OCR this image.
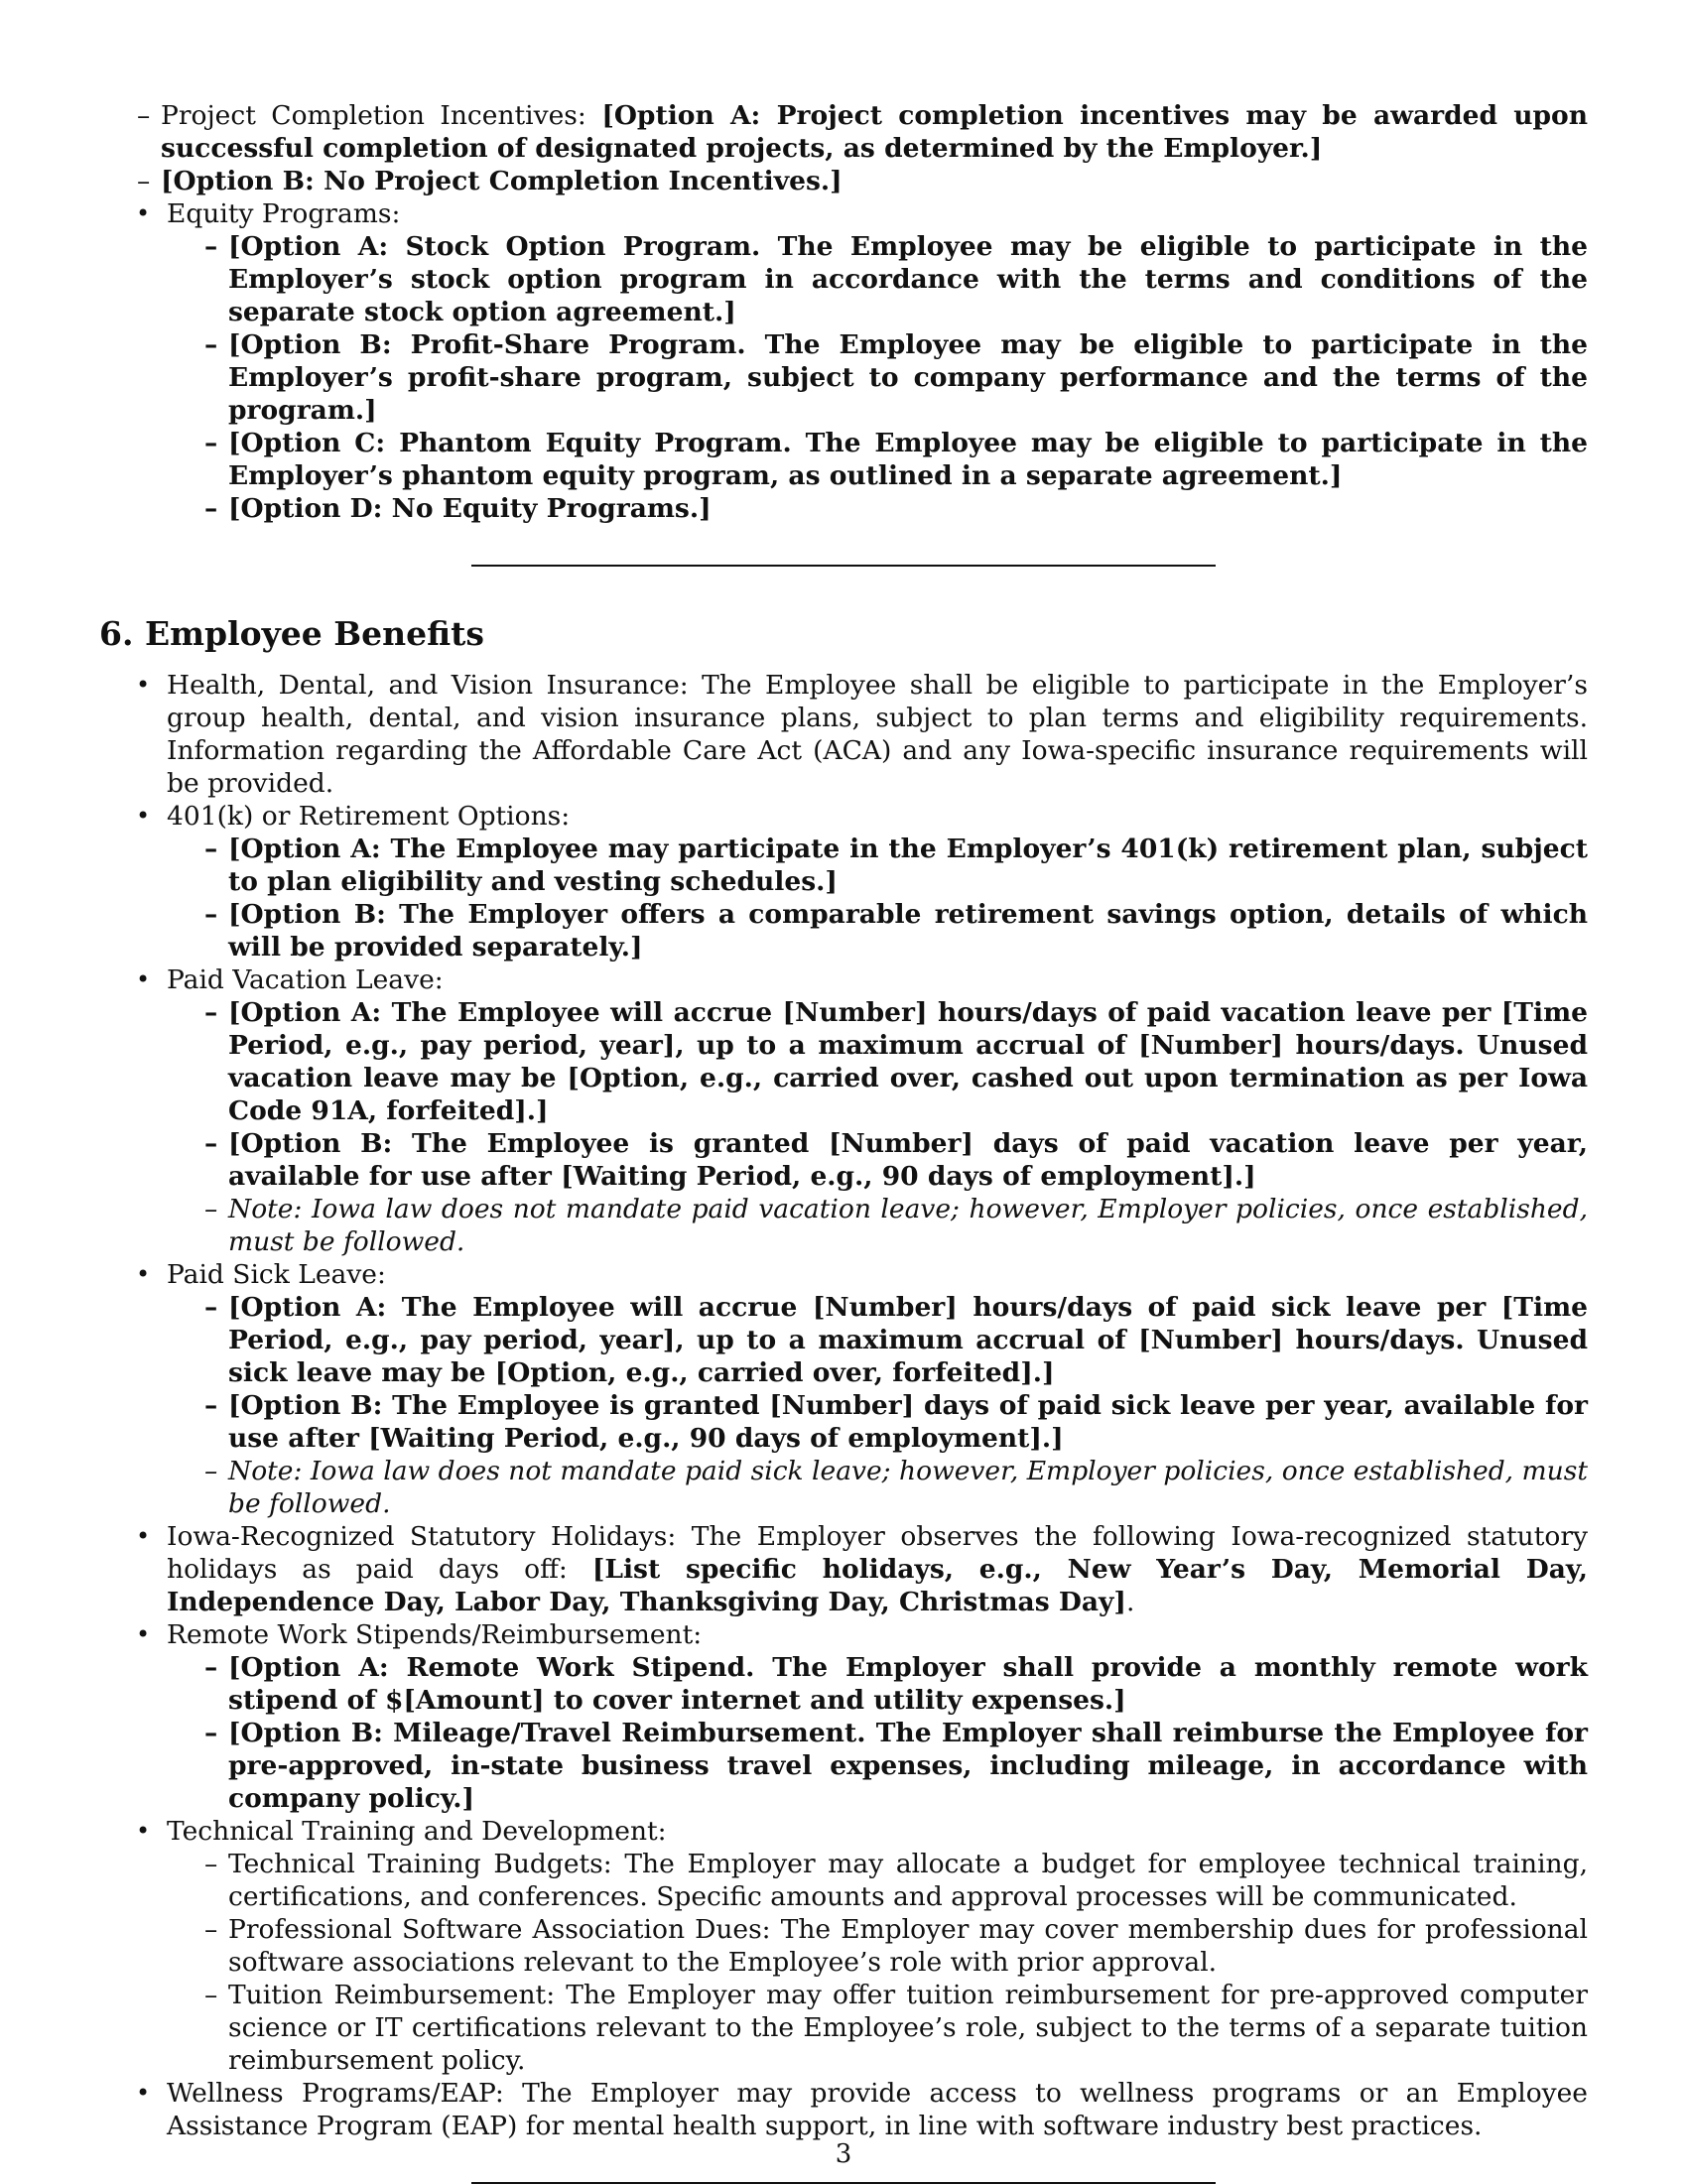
– Project Completion Incentives: [Option A: Project completion incentives may be awarded upon successful completion of designated projects, as determined by the Employer.]
– [Option B: No Project Completion Incentives.]
• Equity Programs:
– [Option A: Stock Option Program. The Employee may be eligible to participate in the Employer’s stock option program in accordance with the terms and conditions of the separate stock option agreement.]
– [Option B: Profit-Share Program. The Employee may be eligible to participate in the Employer’s profit-share program, subject to company performance and the terms of the program.]
– [Option C: Phantom Equity Program. The Employee may be eligible to participate in the Employer’s phantom equity program, as outlined in a separate agreement.]
– [Option D: No Equity Programs.]
6. Employee Benefits
• Health, Dental, and Vision Insurance: The Employee shall be eligible to participate in the Employer’s group health, dental, and vision insurance plans, subject to plan terms and eligibility requirements. Information regarding the Affordable Care Act (ACA) and any Iowa-specific insurance requirements will be provided.
• 401(k) or Retirement Options:
– [Option A: The Employee may participate in the Employer’s 401(k) retirement plan, subject to plan eligibility and vesting schedules.]
– [Option B: The Employer offers a comparable retirement savings option, details of which will be provided separately.]
• Paid Vacation Leave:
– [Option A: The Employee will accrue [Number] hours/days of paid vacation leave per [Time Period, e.g., pay period, year], up to a maximum accrual of [Number] hours/days. Unused vacation leave may be [Option, e.g., carried over, cashed out upon termination as per Iowa Code 91A, forfeited].]
– [Option B: The Employee is granted [Number] days of paid vacation leave per year, available for use after [Waiting Period, e.g., 90 days of employment].]
– Note: Iowa law does not mandate paid vacation leave; however, Employer policies, once established, must be followed.
• Paid Sick Leave:
– [Option A: The Employee will accrue [Number] hours/days of paid sick leave per [Time Period, e.g., pay period, year], up to a maximum accrual of [Number] hours/days. Unused sick leave may be [Option, e.g., carried over, forfeited].]
– [Option B: The Employee is granted [Number] days of paid sick leave per year, available for use after [Waiting Period, e.g., 90 days of employment].]
– Note: Iowa law does not mandate paid sick leave; however, Employer policies, once established, must be followed.
• Iowa-Recognized Statutory Holidays: The Employer observes the following Iowa-recognized statutory holidays as paid days off: [List specific holidays, e.g., New Year’s Day, Memorial Day, Independence Day, Labor Day, Thanksgiving Day, Christmas Day].
• Remote Work Stipends/Reimbursement:
– [Option A: Remote Work Stipend. The Employer shall provide a monthly remote work stipend of $[Amount] to cover internet and utility expenses.]
– [Option B: Mileage/Travel Reimbursement. The Employer shall reimburse the Employee for pre-approved, in-state business travel expenses, including mileage, in accordance with company policy.]
• Technical Training and Development:
– Technical Training Budgets: The Employer may allocate a budget for employee technical training, certifications, and conferences. Specific amounts and approval processes will be communicated.
– Professional Software Association Dues: The Employer may cover membership dues for professional software associations relevant to the Employee’s role with prior approval.
– Tuition Reimbursement: The Employer may offer tuition reimbursement for pre-approved computer science or IT certifications relevant to the Employee’s role, subject to the terms of a separate tuition reimbursement policy.
• Wellness Programs/EAP: The Employer may provide access to wellness programs or an Employee Assistance Program (EAP) for mental health support, in line with software industry best practices.
3
